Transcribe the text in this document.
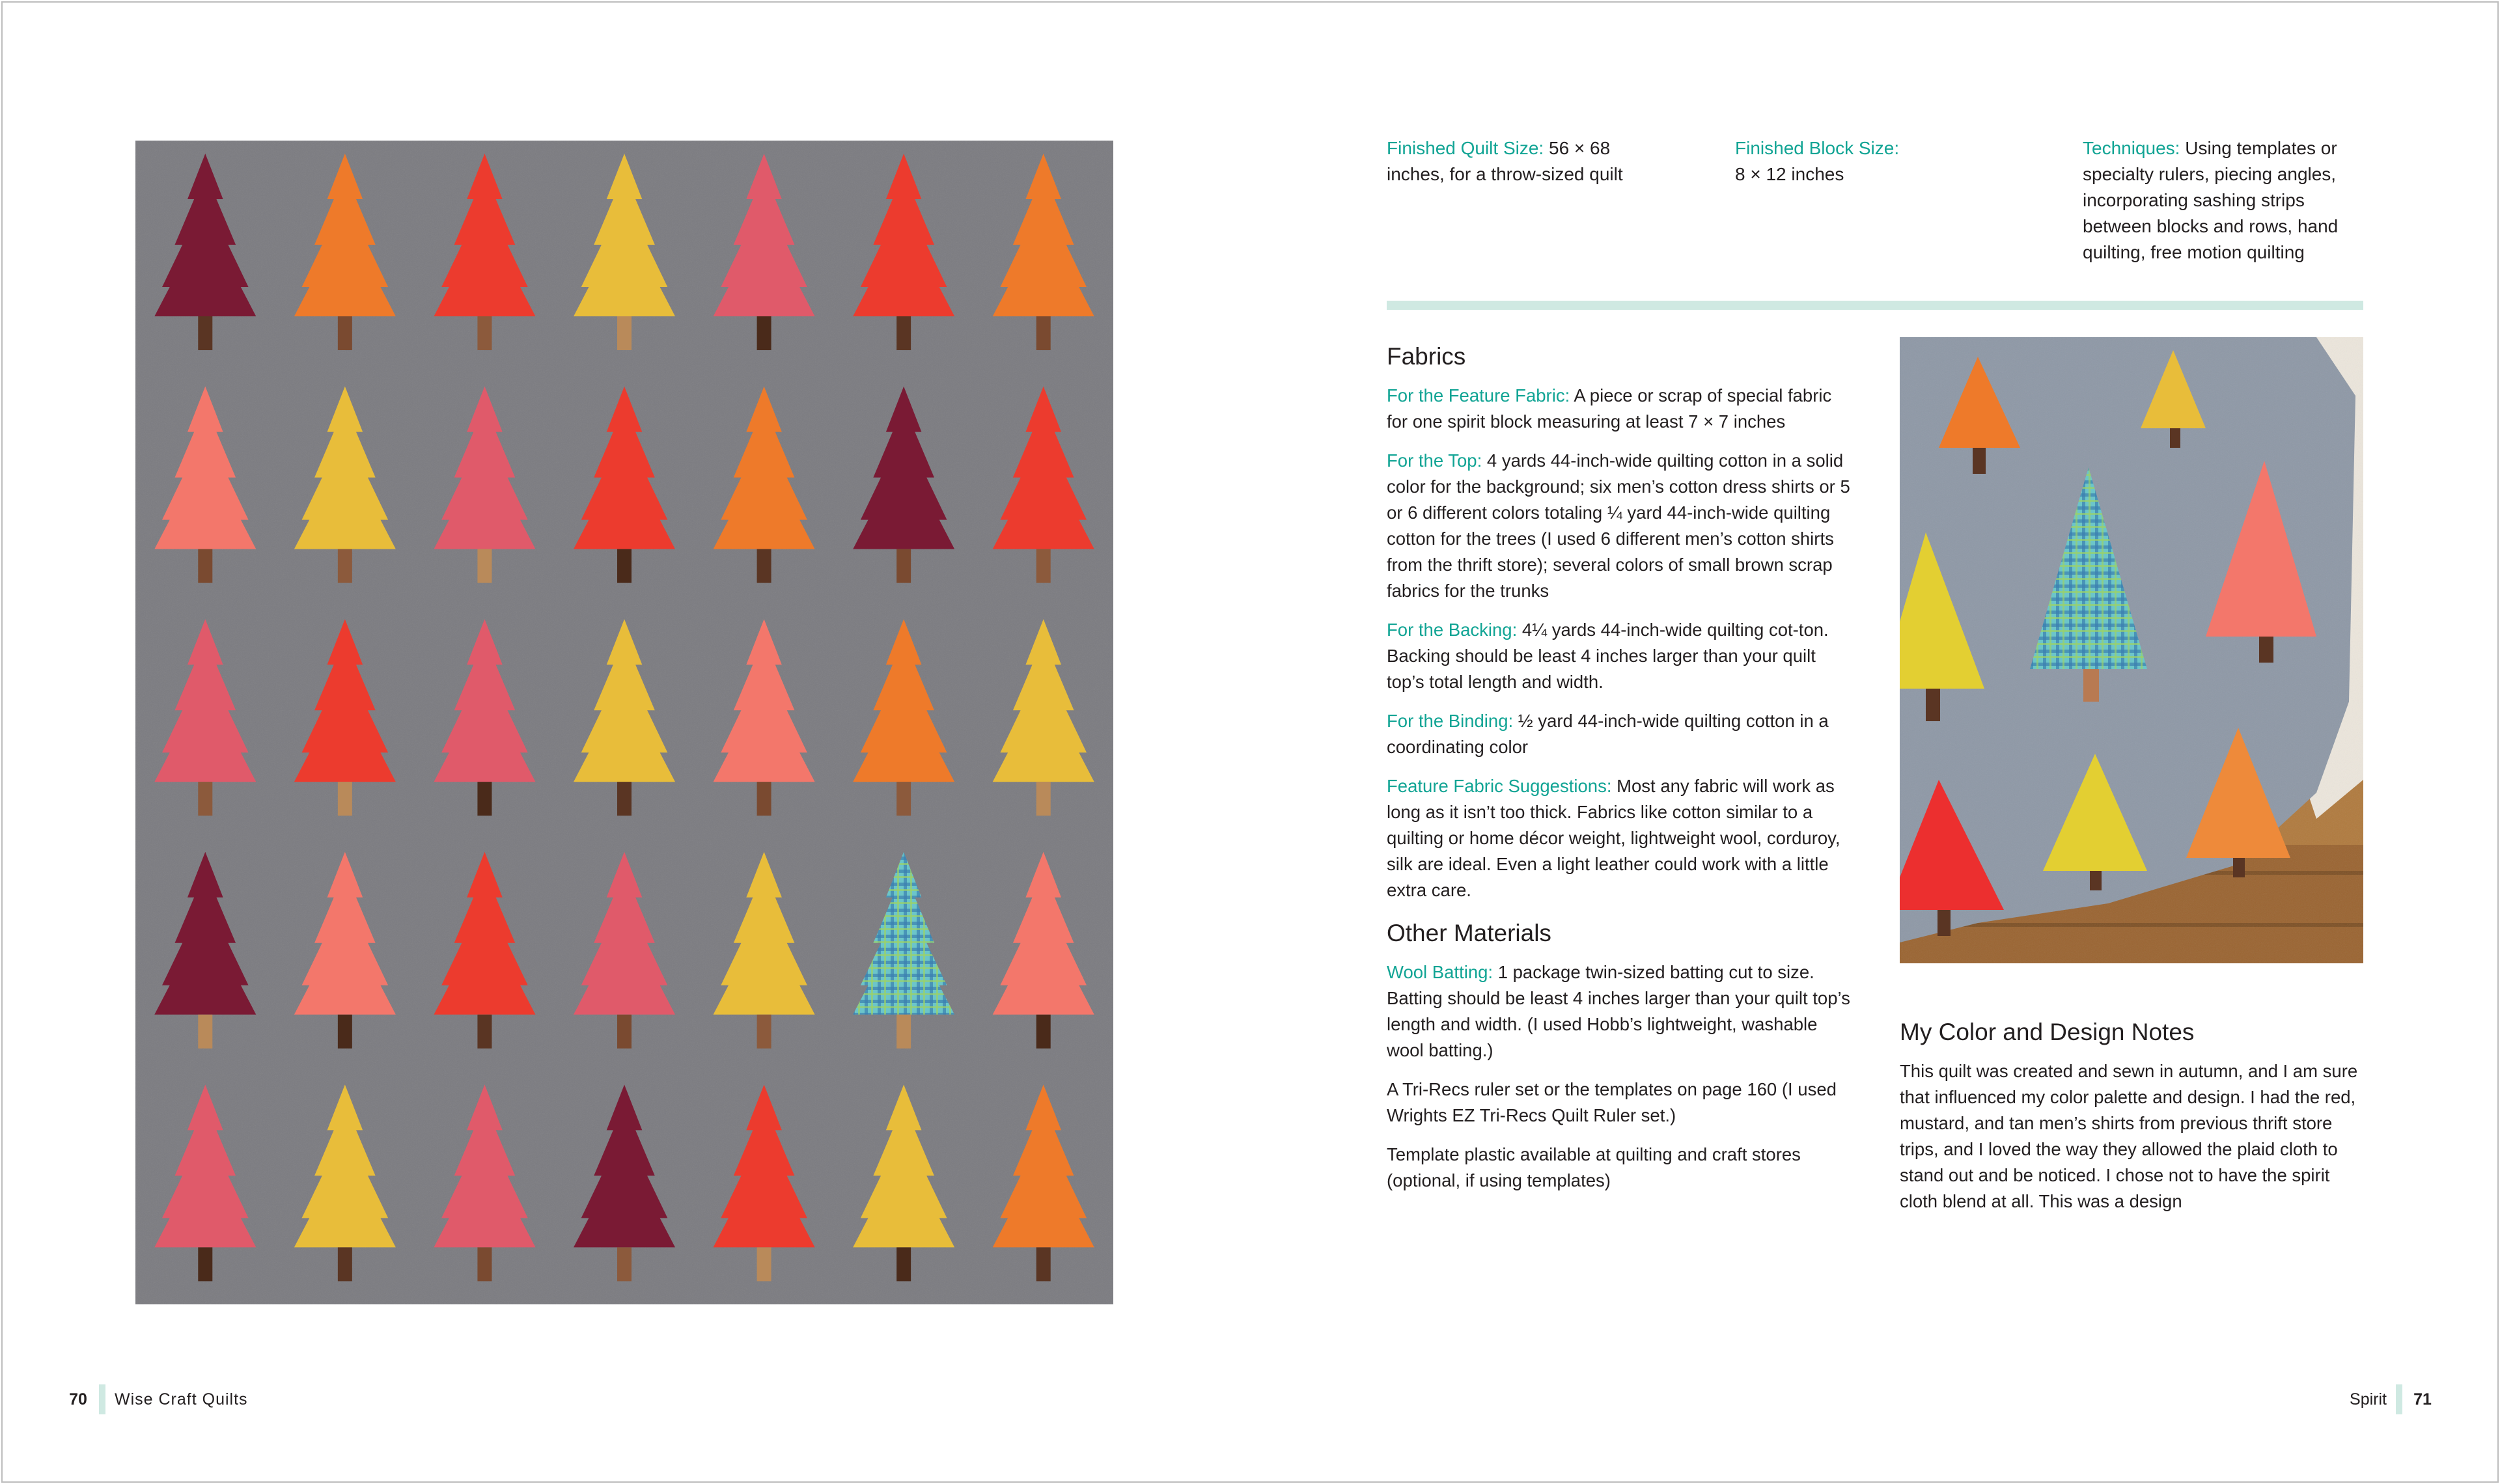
70	Wise Craft Quilts
Finished Quilt Size: 56 × 68
inches, for a throw-sized quilt
Finished Block Size:
8 × 12 inches
Techniques: Using templates or
specialty rulers, piecing angles,
incorporating sashing strips
between blocks and rows, hand
quilting, free motion quilting
Fabrics

For the Feature Fabric: A piece or scrap of special fabric for one spirit block measuring at least 7 × 7 inches

For the Top: 4 yards 44-inch-wide quilting cotton in a solid color for the background; six men’s cotton dress shirts or 5 or 6 different colors totaling ¼ yard 44-inch-wide quilting cotton for the trees (I used 6 different men’s cotton shirts from the thrift store); several colors of small brown scrap fabrics for the trunks

For the Backing: 4¼ yards 44-inch-wide quilting cot-ton. Backing should be least 4 inches larger than your quilt top’s total length and width.

For the Binding: ½ yard 44-inch-wide quilting cotton in a coordinating color

Feature Fabric Suggestions: Most any fabric will work as long as it isn’t too thick. Fabrics like cotton similar to a quilting or home décor weight, lightweight wool, corduroy, silk are ideal. Even a light leather could work with a little extra care.

Other Materials

Wool Batting: 1 package twin-sized batting cut to size. Batting should be least 4 inches larger than your quilt top’s length and width. (I used Hobb’s lightweight, washable wool batting.)

A Tri-Recs ruler set or the templates on page 160 (I used Wrights EZ Tri-Recs Quilt Ruler set.)

Template plastic available at quilting and craft stores (optional, if using templates)

My Color and Design Notes

This quilt was created and sewn in autumn, and I am sure that influenced my color palette and design. I had the red, mustard, and tan men’s shirts from previous thrift store trips, and I loved the way they allowed the plaid cloth to stand out and be noticed. I chose not to have the spirit cloth blend at all. This was a design

Spirit	71
